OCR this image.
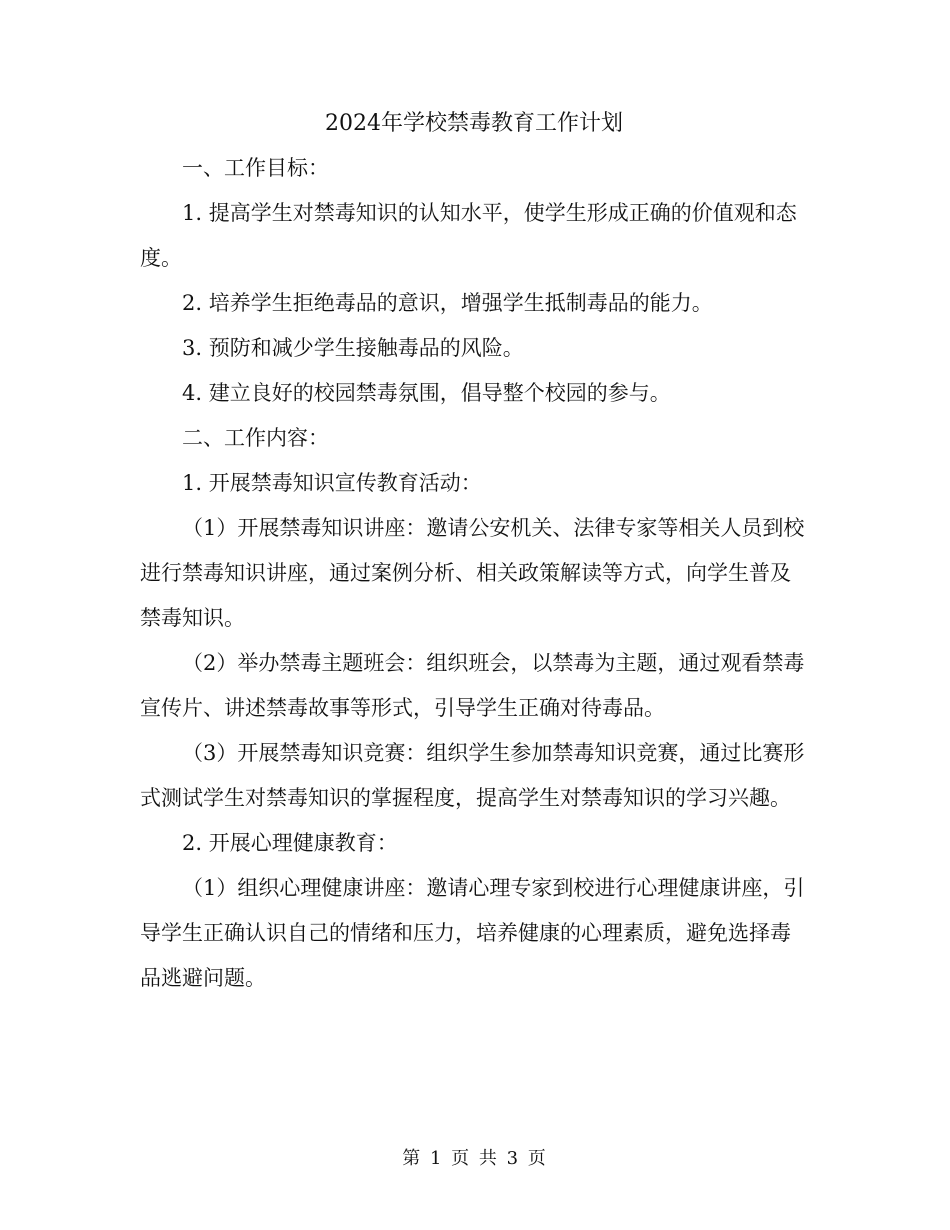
2024年学校禁毒教育工作计划

一、工作目标：

1. 提高学生对禁毒知识的认知水平，使学生形成正确的价值观和态度。

2. 培养学生拒绝毒品的意识，增强学生抵制毒品的能力。

3. 预防和减少学生接触毒品的风险。

4. 建立良好的校园禁毒氛围，倡导整个校园的参与。

二、工作内容：

1. 开展禁毒知识宣传教育活动：

（1）开展禁毒知识讲座：邀请公安机关、法律专家等相关人员到校进行禁毒知识讲座，通过案例分析、相关政策解读等方式，向学生普及禁毒知识。

（2）举办禁毒主题班会：组织班会，以禁毒为主题，通过观看禁毒宣传片、讲述禁毒故事等形式，引导学生正确对待毒品。

（3）开展禁毒知识竞赛：组织学生参加禁毒知识竞赛，通过比赛形式测试学生对禁毒知识的掌握程度，提高学生对禁毒知识的学习兴趣。

2. 开展心理健康教育：

（1）组织心理健康讲座：邀请心理专家到校进行心理健康讲座，引导学生正确认识自己的情绪和压力，培养健康的心理素质，避免选择毒品逃避问题。

第 1 页 共 3 页
